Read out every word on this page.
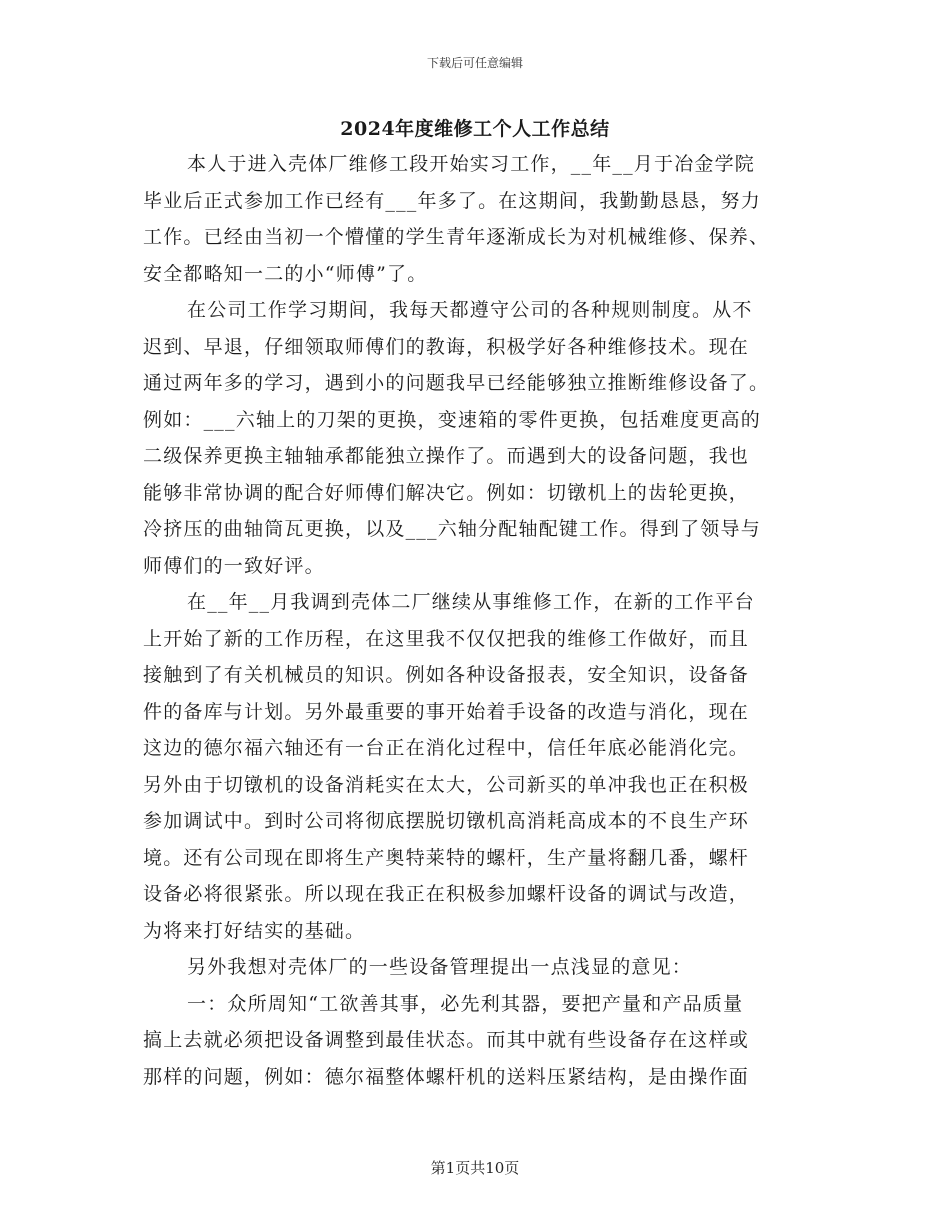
下载后可任意编辑
2024年度维修工个人工作总结
本人于进入壳体厂维修工段开始实习工作，__年__月于冶金学院
毕业后正式参加工作已经有___年多了。在这期间，我勤勤恳恳，努力
工作。已经由当初一个懵懂的学生青年逐渐成长为对机械维修、保养、
安全都略知一二的小“师傅”了。
在公司工作学习期间，我每天都遵守公司的各种规则制度。从不
迟到、早退，仔细领取师傅们的教诲，积极学好各种维修技术。现在
通过两年多的学习，遇到小的问题我早已经能够独立推断维修设备了。
例如：___六轴上的刀架的更换，变速箱的零件更换，包括难度更高的
二级保养更换主轴轴承都能独立操作了。而遇到大的设备问题，我也
能够非常协调的配合好师傅们解决它。例如：切镦机上的齿轮更换，
冷挤压的曲轴筒瓦更换，以及___六轴分配轴配键工作。得到了领导与
师傅们的一致好评。
在__年__月我调到壳体二厂继续从事维修工作，在新的工作平台
上开始了新的工作历程，在这里我不仅仅把我的维修工作做好，而且
接触到了有关机械员的知识。例如各种设备报表，安全知识，设备备
件的备库与计划。另外最重要的事开始着手设备的改造与消化，现在
这边的德尔福六轴还有一台正在消化过程中，信任年底必能消化完。
另外由于切镦机的设备消耗实在太大，公司新买的单冲我也正在积极
参加调试中。到时公司将彻底摆脱切镦机高消耗高成本的不良生产环
境。还有公司现在即将生产奥特莱特的螺杆，生产量将翻几番，螺杆
设备必将很紧张。所以现在我正在积极参加螺杆设备的调试与改造，
为将来打好结实的基础。
另外我想对壳体厂的一些设备管理提出一点浅显的意见：
一：众所周知“工欲善其事，必先利其器，要把产量和产品质量
搞上去就必须把设备调整到最佳状态。而其中就有些设备存在这样或
那样的问题，例如：德尔福整体螺杆机的送料压紧结构，是由操作面
第1页共10页
